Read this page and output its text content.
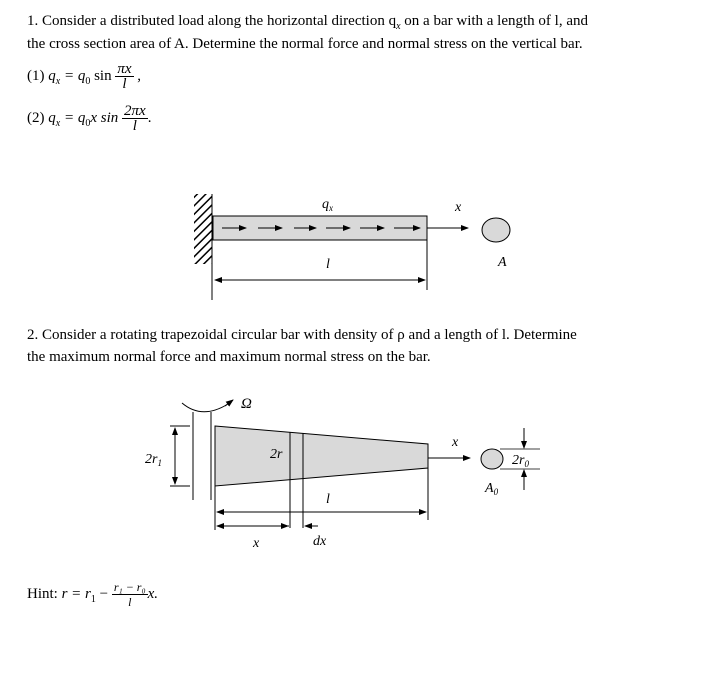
1. Consider a distributed load along the horizontal direction $q_x$ on a bar with a length of l, and
the cross section area of A. Determine the normal force and normal stress on the vertical bar.
(1) $q_x = q_0$ $\sin \frac{\pi x}{l}$ ,
(2) $q_x = q_0x$ $\sin \frac{2\pi x}{l}$ .
$q_x$	x
l	A
2. Consider a rotating trapezoidal circular bar with density of ρ and a length of l. Determine
the maximum normal force and maximum normal stress on the bar.
Ω
$2r_1$
2r
x
$2r_0$
$A_0$
l
x	dx
Hint: $r = r_1 - \frac{\text{r₁ − r₀}}{l} x$.
